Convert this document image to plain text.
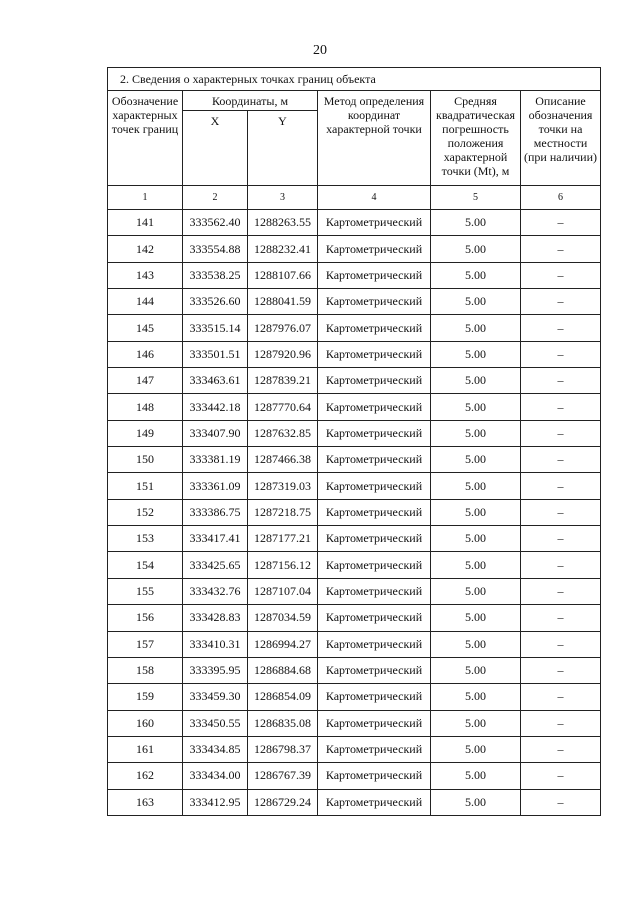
20
2. Сведения о характерных точках границ объекта					
Обозначение характерных точек границ	Координаты, м		Метод определения координат характерной точки	Средняя квадратическая погрешность положения характерной точки (Mt), м	Описание обозначения точки на местности (при наличии)
	X	Y			
1	2	3	4	5	6
141	333562.40	1288263.55	Картометрический	5.00	–
142	333554.88	1288232.41	Картометрический	5.00	–
143	333538.25	1288107.66	Картометрический	5.00	–
144	333526.60	1288041.59	Картометрический	5.00	–
145	333515.14	1287976.07	Картометрический	5.00	–
146	333501.51	1287920.96	Картометрический	5.00	–
147	333463.61	1287839.21	Картометрический	5.00	–
148	333442.18	1287770.64	Картометрический	5.00	–
149	333407.90	1287632.85	Картометрический	5.00	–
150	333381.19	1287466.38	Картометрический	5.00	–
151	333361.09	1287319.03	Картометрический	5.00	–
152	333386.75	1287218.75	Картометрический	5.00	–
153	333417.41	1287177.21	Картометрический	5.00	–
154	333425.65	1287156.12	Картометрический	5.00	–
155	333432.76	1287107.04	Картометрический	5.00	–
156	333428.83	1287034.59	Картометрический	5.00	–
157	333410.31	1286994.27	Картометрический	5.00	–
158	333395.95	1286884.68	Картометрический	5.00	–
159	333459.30	1286854.09	Картометрический	5.00	–
160	333450.55	1286835.08	Картометрический	5.00	–
161	333434.85	1286798.37	Картометрический	5.00	–
162	333434.00	1286767.39	Картометрический	5.00	–
163	333412.95	1286729.24	Картометрический	5.00	–
